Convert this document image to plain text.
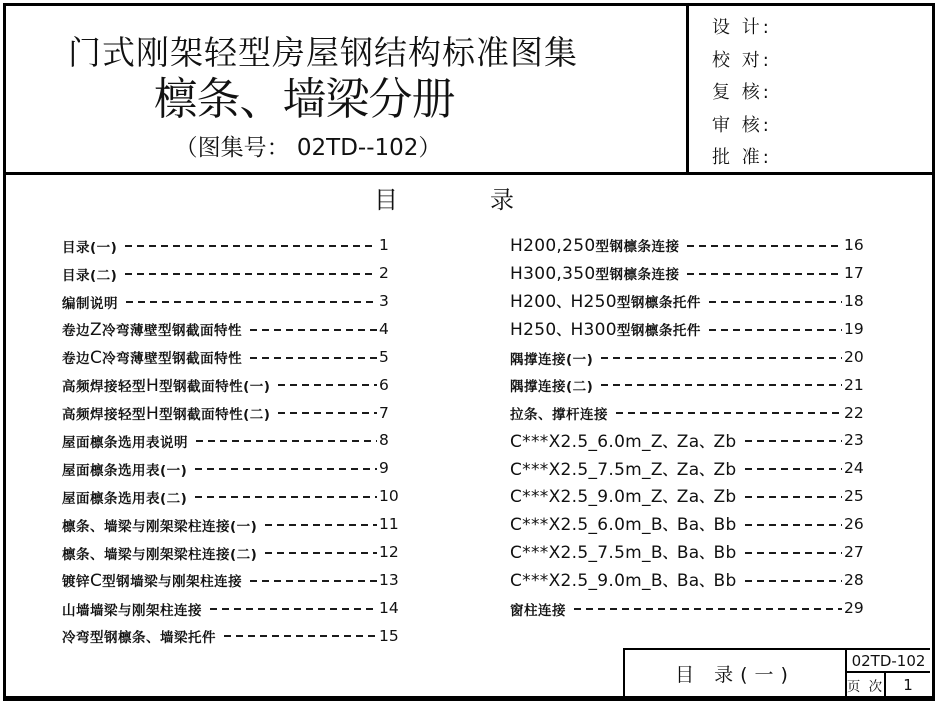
门式刚架轻型房屋钢结构标准图集
檩条、墙梁分册
（图集号： 02TD--102）
设 计:
校 对:
复 核:
审 核:
批 准:
目	录
目录(一)	1
目录(二)	2
编制说明	3
卷边Z冷弯薄壁型钢截面特性	4
卷边C冷弯薄壁型钢截面特性	5
高频焊接轻型H型钢截面特性(一)	6
高频焊接轻型H型钢截面特性(二)	7
屋面檩条选用表说明	8
屋面檩条选用表(一)	9
屋面檩条选用表(二)	10
檩条、墙梁与刚架梁柱连接(一)	11
檩条、墙梁与刚架梁柱连接(二)	12
镀锌C型钢墙梁与刚架柱连接	13
山墙墙梁与刚架柱连接	14
冷弯型钢檩条、墙梁托件	15
H200,250型钢檩条连接	16
H300,350型钢檩条连接	17
H200、H250型钢檩条托件	18
H250、H300型钢檩条托件	19
隅撑连接(一)	20
隅撑连接(二)	21
拉条、撑杆连接	22
C***X2.5_6.0m_Z、Za、Zb	23
C***X2.5_7.5m_Z、Za、Zb	24
C***X2.5_9.0m_Z、Za、Zb	25
C***X2.5_6.0m_B、Ba、Bb	26
C***X2.5_7.5m_B、Ba、Bb	27
C***X2.5_9.0m_B、Ba、Bb	28
窗柱连接	29
目 录(一)
02TD-102
页 次	1
